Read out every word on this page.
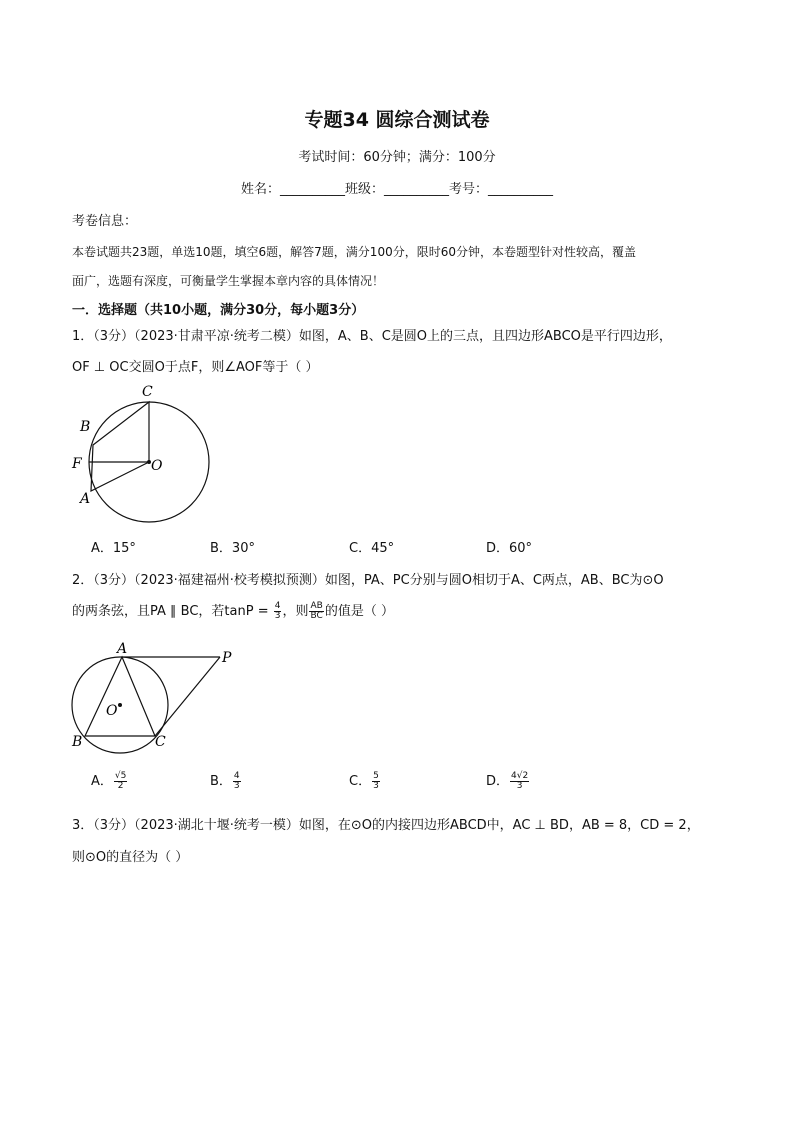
专题34 圆综合测试卷
考试时间：60分钟；满分：100分
姓名：__________班级：__________考号：__________
考卷信息：
本卷试题共23题，单选10题，填空6题，解答7题，满分100分，限时60分钟，本卷题型针对性较高，覆盖
面广，选题有深度，可衡量学生掌握本章内容的具体情况！
一．选择题（共10小题，满分30分，每小题3分）
1．（3分）（2023·甘肃平凉·统考二模）如图，A、B、C是圆O上的三点，且四边形ABCO是平行四边形，
OF ⊥ OC交圆O于点F，则∠AOF等于（ ）
C
B
F	O
A
A．15°	B．30°	C．45°	D．60°
2．（3分）（2023·福建福州·校考模拟预测）如图，PA、PC分别与圆O相切于A、C两点，AB、BC为⊙O
的两条弦，且PA ∥ BC，若$\tan P = \frac{4}{3}$ ，则 $\frac{AB}{BC}$ 的值是（ ）
A
P
O
B	C
A． $\frac{√5}{2}$	B． $\frac{4}{3}$	C． $\frac{5}{3}$	D． $\frac{4√2}{3}$
3．（3分）（2023·湖北十堰·统考一模）如图，在⊙O的内接四边形ABCD中，AC ⊥ BD，AB = 8，CD = 2，
则⊙O的直径为（ ）
